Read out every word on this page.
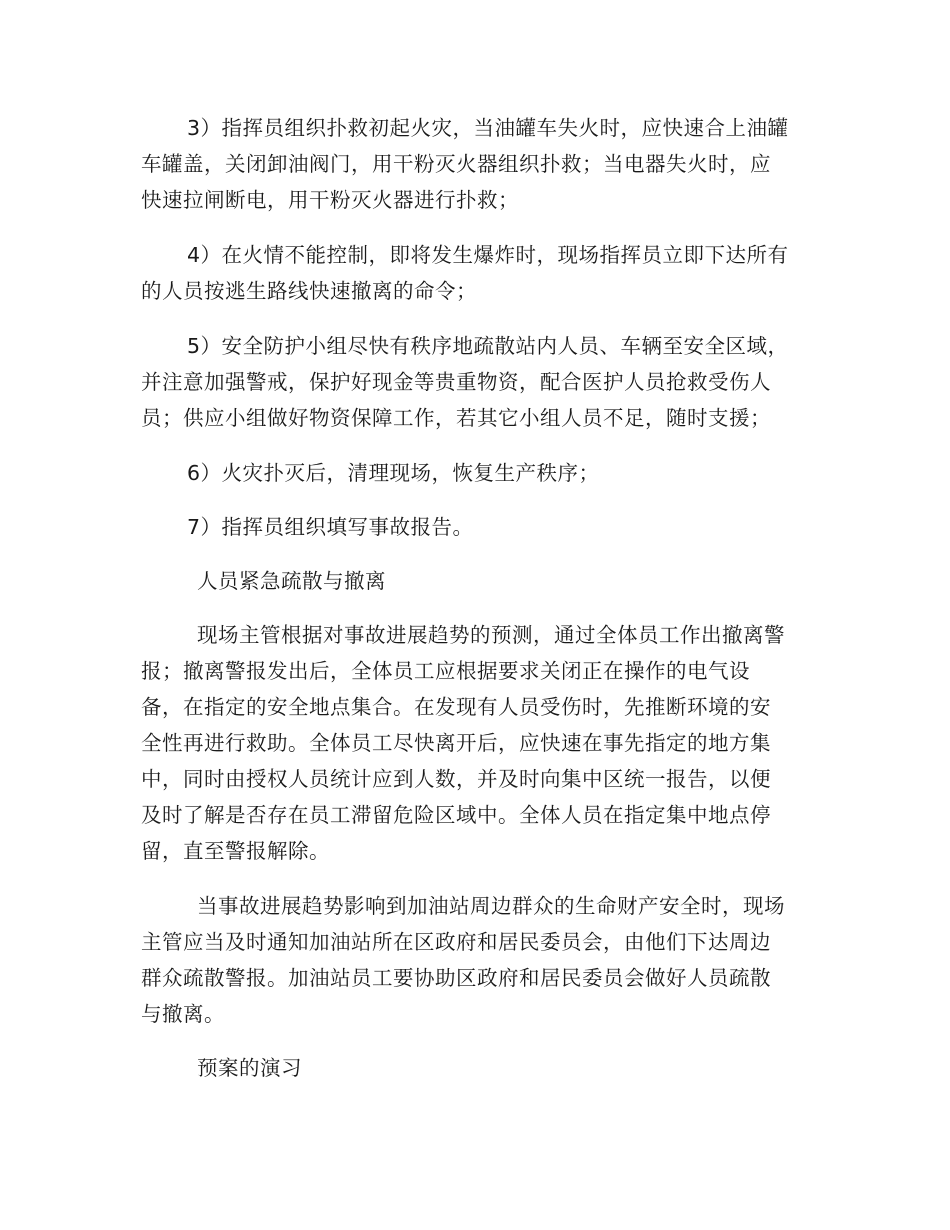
3）指挥员组织扑救初起火灾，当油罐车失火时，应快速合上油罐
车罐盖，关闭卸油阀门，用干粉灭火器组织扑救；当电器失火时，应
快速拉闸断电，用干粉灭火器进行扑救；
4）在火情不能控制，即将发生爆炸时，现场指挥员立即下达所有
的人员按逃生路线快速撤离的命令；
5）安全防护小组尽快有秩序地疏散站内人员、车辆至安全区域，
并注意加强警戒，保护好现金等贵重物资，配合医护人员抢救受伤人
员；供应小组做好物资保障工作，若其它小组人员不足，随时支援；
6）火灾扑灭后，清理现场，恢复生产秩序；
7）指挥员组织填写事故报告。
人员紧急疏散与撤离
现场主管根据对事故进展趋势的预测，通过全体员工作出撤离警
报；撤离警报发出后，全体员工应根据要求关闭正在操作的电气设
备，在指定的安全地点集合。在发现有人员受伤时，先推断环境的安
全性再进行救助。全体员工尽快离开后，应快速在事先指定的地方集
中，同时由授权人员统计应到人数，并及时向集中区统一报告，以便
及时了解是否存在员工滞留危险区域中。全体人员在指定集中地点停
留，直至警报解除。
当事故进展趋势影响到加油站周边群众的生命财产安全时，现场
主管应当及时通知加油站所在区政府和居民委员会，由他们下达周边
群众疏散警报。加油站员工要协助区政府和居民委员会做好人员疏散
与撤离。
预案的演习
